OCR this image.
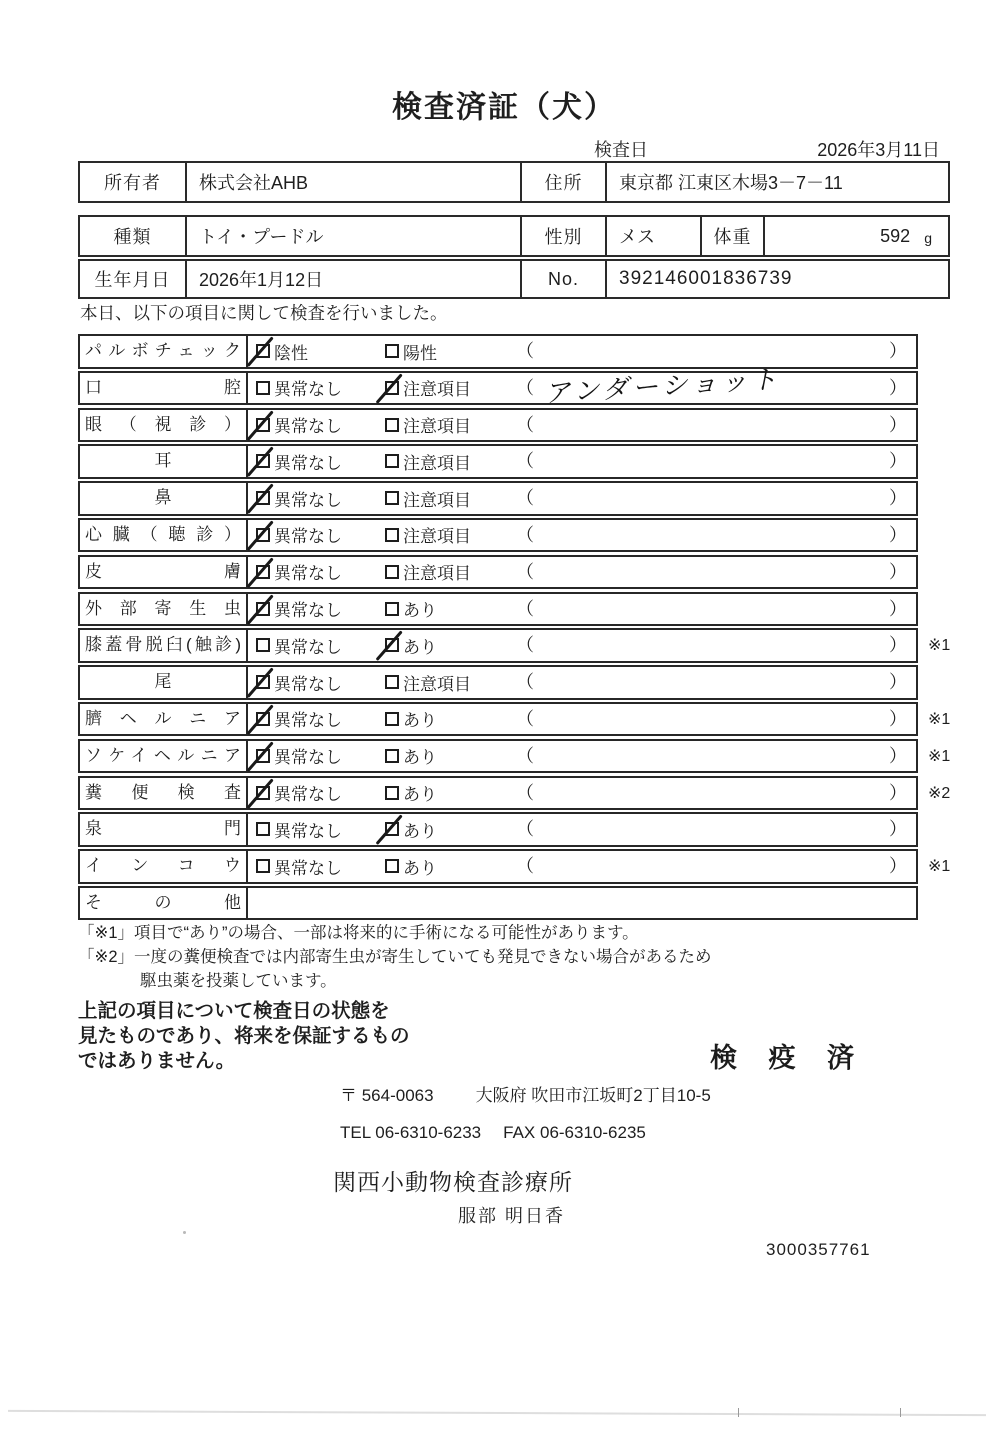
検査済証（犬）
検査日	2026年3月11日
所有者	株式会社AHB	住所	東京都 江東区木場3－7－11
種類	トイ・プードル	性別	メス	体重	592 g
生年月日	2026年1月12日	No.	392146001836739
本日、以下の項目に関して検査を行いました。
パルボチェック	陰性	陽性	（	）
口腔	異常なし	注意項目	（ アンダーショット	）
眼（視診）	異常なし	注意項目	（	）
耳	異常なし	注意項目	（	）
鼻	異常なし	注意項目	（	）
心臓（聴診）	異常なし	注意項目	（	）
皮膚	異常なし	注意項目	（	）
外部寄生虫	異常なし	あり	（	）
膝蓋骨脱臼(触診)	異常なし	あり	（	） ※1
尾	異常なし	注意項目	（	）
臍ヘルニア	異常なし	あり	（	） ※1
ソケイヘルニア	異常なし	あり	（	） ※1
糞便検査	異常なし	あり	（	） ※2
泉門	異常なし	あり	（	）
インコウ	異常なし	あり	（	） ※1
その他
「※1」項目で“あり”の場合、一部は将来的に手術になる可能性があります。
「※2」一度の糞便検査では内部寄生虫が寄生していても発見できない場合があるため
駆虫薬を投薬しています。
上記の項目について検査日の状態を
見たものであり、将来を保証するもの
ではありません。	検 疫 済
〒 564-0063 大阪府 吹田市江坂町2丁目10-5
TEL 06-6310-6233 FAX 06-6310-6235
関西小動物検査診療所
服部 明日香
3000357761
